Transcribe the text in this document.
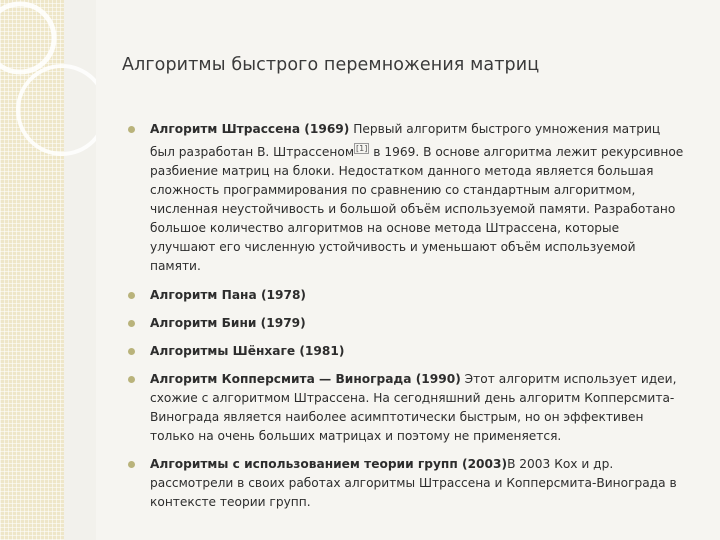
Алгоритмы быстрого перемножения матриц
Алгоритм Штрассена (1969) Первый алгоритм быстрого умножения матриц был разработан В. Штрассеном [1] в 1969. В основе алгоритма лежит рекурсивное разбиение матриц на блоки. Недостатком данного метода является большая сложность программирования по сравнению со стандартным алгоритмом, численная неустойчивость и большой объём используемой памяти. Разработано большое количество алгоритмов на основе метода Штрассена, которые улучшают его численную устойчивость и уменьшают объём используемой памяти.
Алгоритм Пана (1978)
Алгоритм Бини (1979)
Алгоритмы Шёнхаге (1981)
Алгоритм Копперсмита — Винограда (1990) Этот алгоритм использует идеи, схожие с алгоритмом Штрассена. На сегодняшний день алгоритм Копперсмита-Винограда является наиболее асимптотически быстрым, но он эффективен только на очень больших матрицах и поэтому не применяется.
Алгоритмы с использованием теории групп (2003)В 2003 Кох и др. рассмотрели в своих работах алгоритмы Штрассена и Копперсмита-Винограда в контексте теории групп.
